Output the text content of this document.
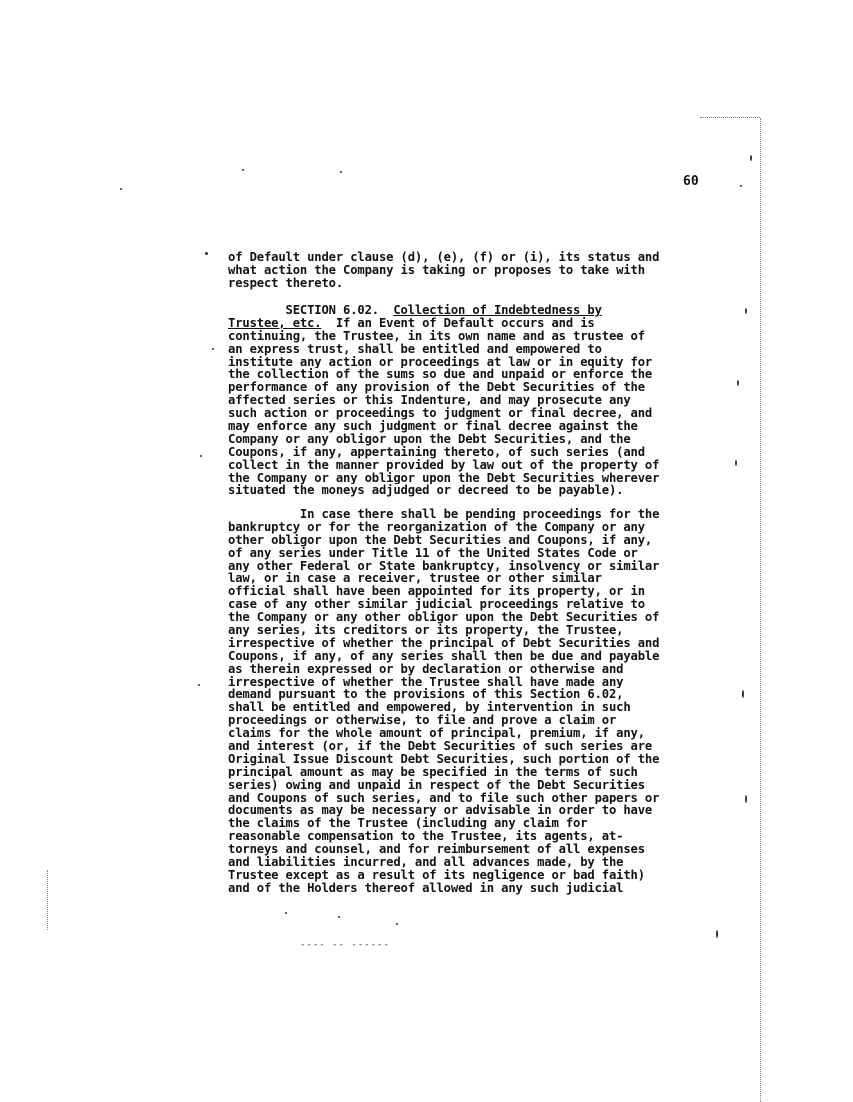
60
of Default under clause (d), (e), (f) or (i), its status and
what action the Company is taking or proposes to take with
respect thereto.
SECTION 6.02.  Collection of Indebtedness by
Trustee, etc.  If an Event of Default occurs and is
continuing, the Trustee, in its own name and as trustee of
an express trust, shall be entitled and empowered to
institute any action or proceedings at law or in equity for
the collection of the sums so due and unpaid or enforce the
performance of any provision of the Debt Securities of the
affected series or this Indenture, and may prosecute any
such action or proceedings to judgment or final decree, and
may enforce any such judgment or final decree against the
Company or any obligor upon the Debt Securities, and the
Coupons, if any, appertaining thereto, of such series (and
collect in the manner provided by law out of the property of
the Company or any obligor upon the Debt Securities wherever
situated the moneys adjudged or decreed to be payable).
In case there shall be pending proceedings for the
bankruptcy or for the reorganization of the Company or any
other obligor upon the Debt Securities and Coupons, if any,
of any series under Title 11 of the United States Code or
any other Federal or State bankruptcy, insolvency or similar
law, or in case a receiver, trustee or other similar
official shall have been appointed for its property, or in
case of any other similar judicial proceedings relative to
the Company or any other obligor upon the Debt Securities of
any series, its creditors or its property, the Trustee,
irrespective of whether the principal of Debt Securities and
Coupons, if any, of any series shall then be due and payable
as therein expressed or by declaration or otherwise and
irrespective of whether the Trustee shall have made any
demand pursuant to the provisions of this Section 6.02,
shall be entitled and empowered, by intervention in such
proceedings or otherwise, to file and prove a claim or
claims for the whole amount of principal, premium, if any,
and interest (or, if the Debt Securities of such series are
Original Issue Discount Debt Securities, such portion of the
principal amount as may be specified in the terms of such
series) owing and unpaid in respect of the Debt Securities
and Coupons of such series, and to file such other papers or
documents as may be necessary or advisable in order to have
the claims of the Trustee (including any claim for
reasonable compensation to the Trustee, its agents, at-
torneys and counsel, and for reimbursement of all expenses
and liabilities incurred, and all advances made, by the
Trustee except as a result of its negligence or bad faith)
and of the Holders thereof allowed in any such judicial
---- -- ------
